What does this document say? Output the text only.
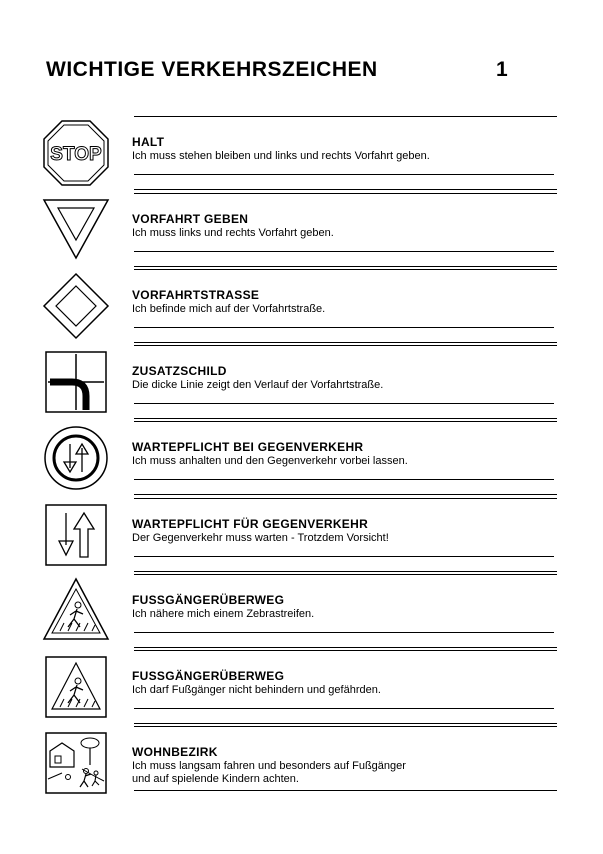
WICHTIGE VERKEHRSZEICHEN	1
STOP
HALT
Ich muss stehen bleiben und links und rechts Vorfahrt geben.
VORFAHRT GEBEN
Ich muss links und rechts Vorfahrt geben.
VORFAHRTSTRASSE
Ich befinde mich auf der Vorfahrtstraße.
ZUSATZSCHILD
Die dicke Linie zeigt den Verlauf der Vorfahrtstraße.
WARTEPFLICHT BEI GEGENVERKEHR
Ich muss anhalten und den Gegenverkehr vorbei lassen.
WARTEPFLICHT FÜR GEGENVERKEHR
Der Gegenverkehr muss warten - Trotzdem Vorsicht!
FUSSGÄNGERÜBERWEG
Ich nähere mich einem Zebrastreifen.
FUSSGÄNGERÜBERWEG
Ich darf Fußgänger nicht behindern und gefährden.
WOHNBEZIRK
Ich muss langsam fahren und besonders auf Fußgänger
und auf spielende Kindern achten.
